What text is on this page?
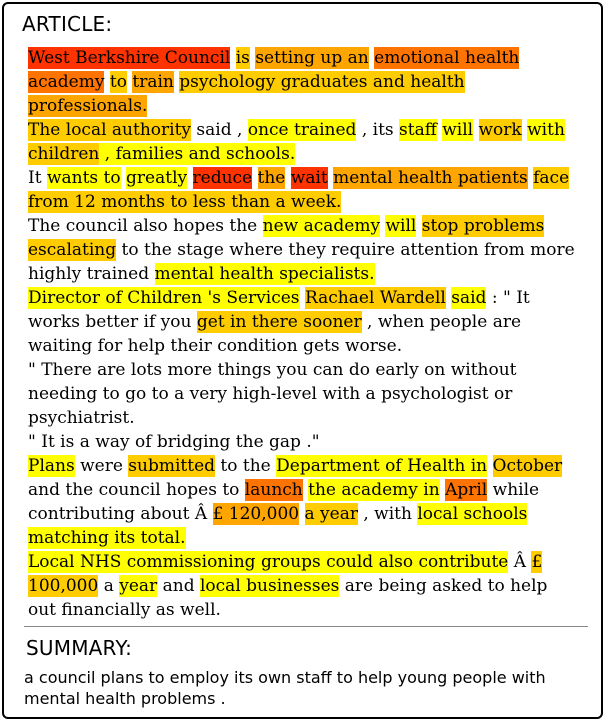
ARTICLE:
West Berkshire Council is setting up an emotional health
academy to train psychology graduates and health
professionals.
The local authority said , once trained , its staff will work with
children , families and schools.
It wants to greatly reduce the wait mental health patients face
from 12 months to less than a week.
The council also hopes the new academy will stop problems
escalating to the stage where they require attention from more
highly trained mental health specialists.
Director of Children 's Services Rachael Wardell said : " It
works better if you get in there sooner , when people are
waiting for help their condition gets worse.
" There are lots more things you can do early on without
needing to go to a very high-level with a psychologist or
psychiatrist.
" It is a way of bridging the gap ."
Plans were submitted to the Department of Health in October
and the council hopes to launch the academy in April while
contributing about Â £ 120,000 a year , with local schools
matching its total.
Local NHS commissioning groups could also contribute Â £
100,000 a year and local businesses are being asked to help
out financially as well.
SUMMARY:
a council plans to employ its own staff to help young people with mental health problems .
